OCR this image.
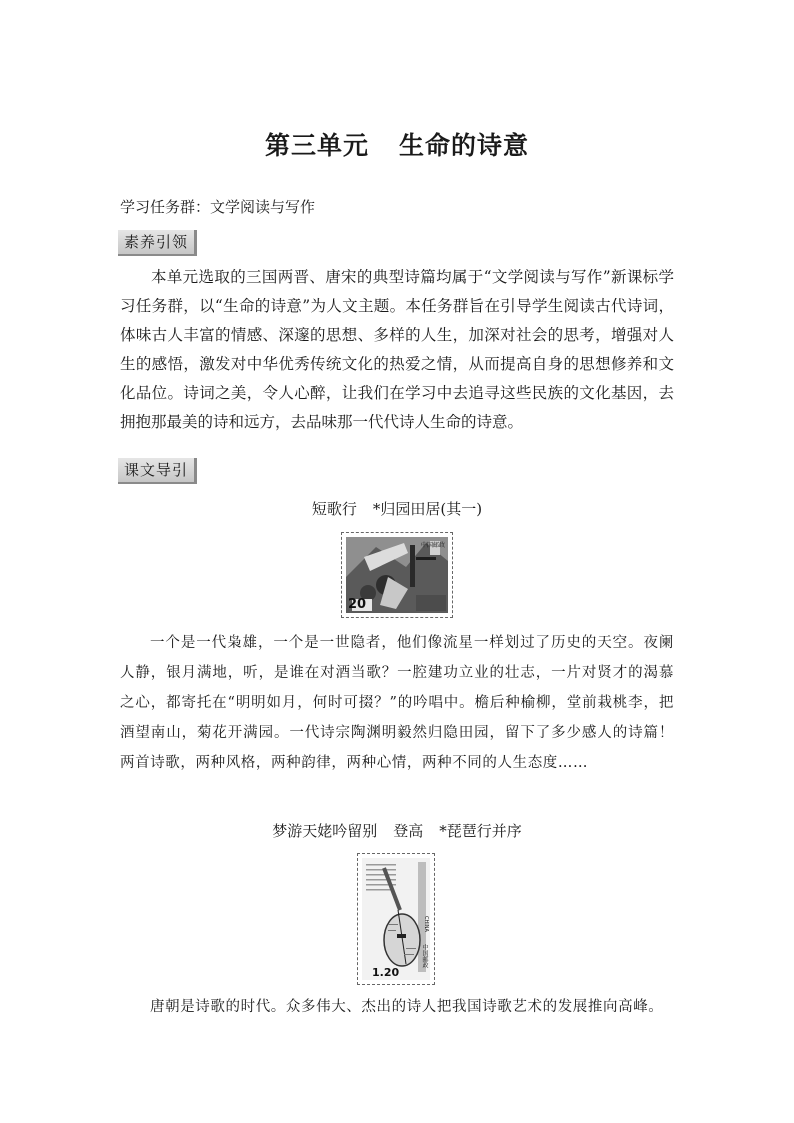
第三单元 生命的诗意
学习任务群：文学阅读与写作
素养引领

本单元选取的三国两晋、唐宋的典型诗篇均属于“文学阅读与写作”新课标学习任务群，以“生命的诗意”为人文主题。本任务群旨在引导学生阅读古代诗词，体味古人丰富的情感、深邃的思想、多样的人生，加深对社会的思考，增强对人生的感悟，激发对中华优秀传统文化的热爱之情，从而提高自身的思想修养和文化品位。诗词之美，令人心醉，让我们在学习中去追寻这些民族的文化基因，去拥抱那最美的诗和远方，去品味那一代代诗人生命的诗意。

课文导引
短歌行 *归园田居(其一)
20
中国邮政

一个是一代枭雄，一个是一世隐者，他们像流星一样划过了历史的天空。夜阑人静，银月满地，听，是谁在对酒当歌？一腔建功立业的壮志，一片对贤才的渴慕之心，都寄托在“明明如月，何时可掇？”的吟唱中。檐后种榆柳，堂前栽桃李，把酒望南山，菊花开满园。一代诗宗陶渊明毅然归隐田园，留下了多少感人的诗篇！两首诗歌，两种风格，两种韵律，两种心情，两种不同的人生态度……

梦游天姥吟留别 登高 *琵琶行并序
1.20
中国邮政
CHINA

唐朝是诗歌的时代。众多伟大、杰出的诗人把我国诗歌艺术的发展推向高峰。
